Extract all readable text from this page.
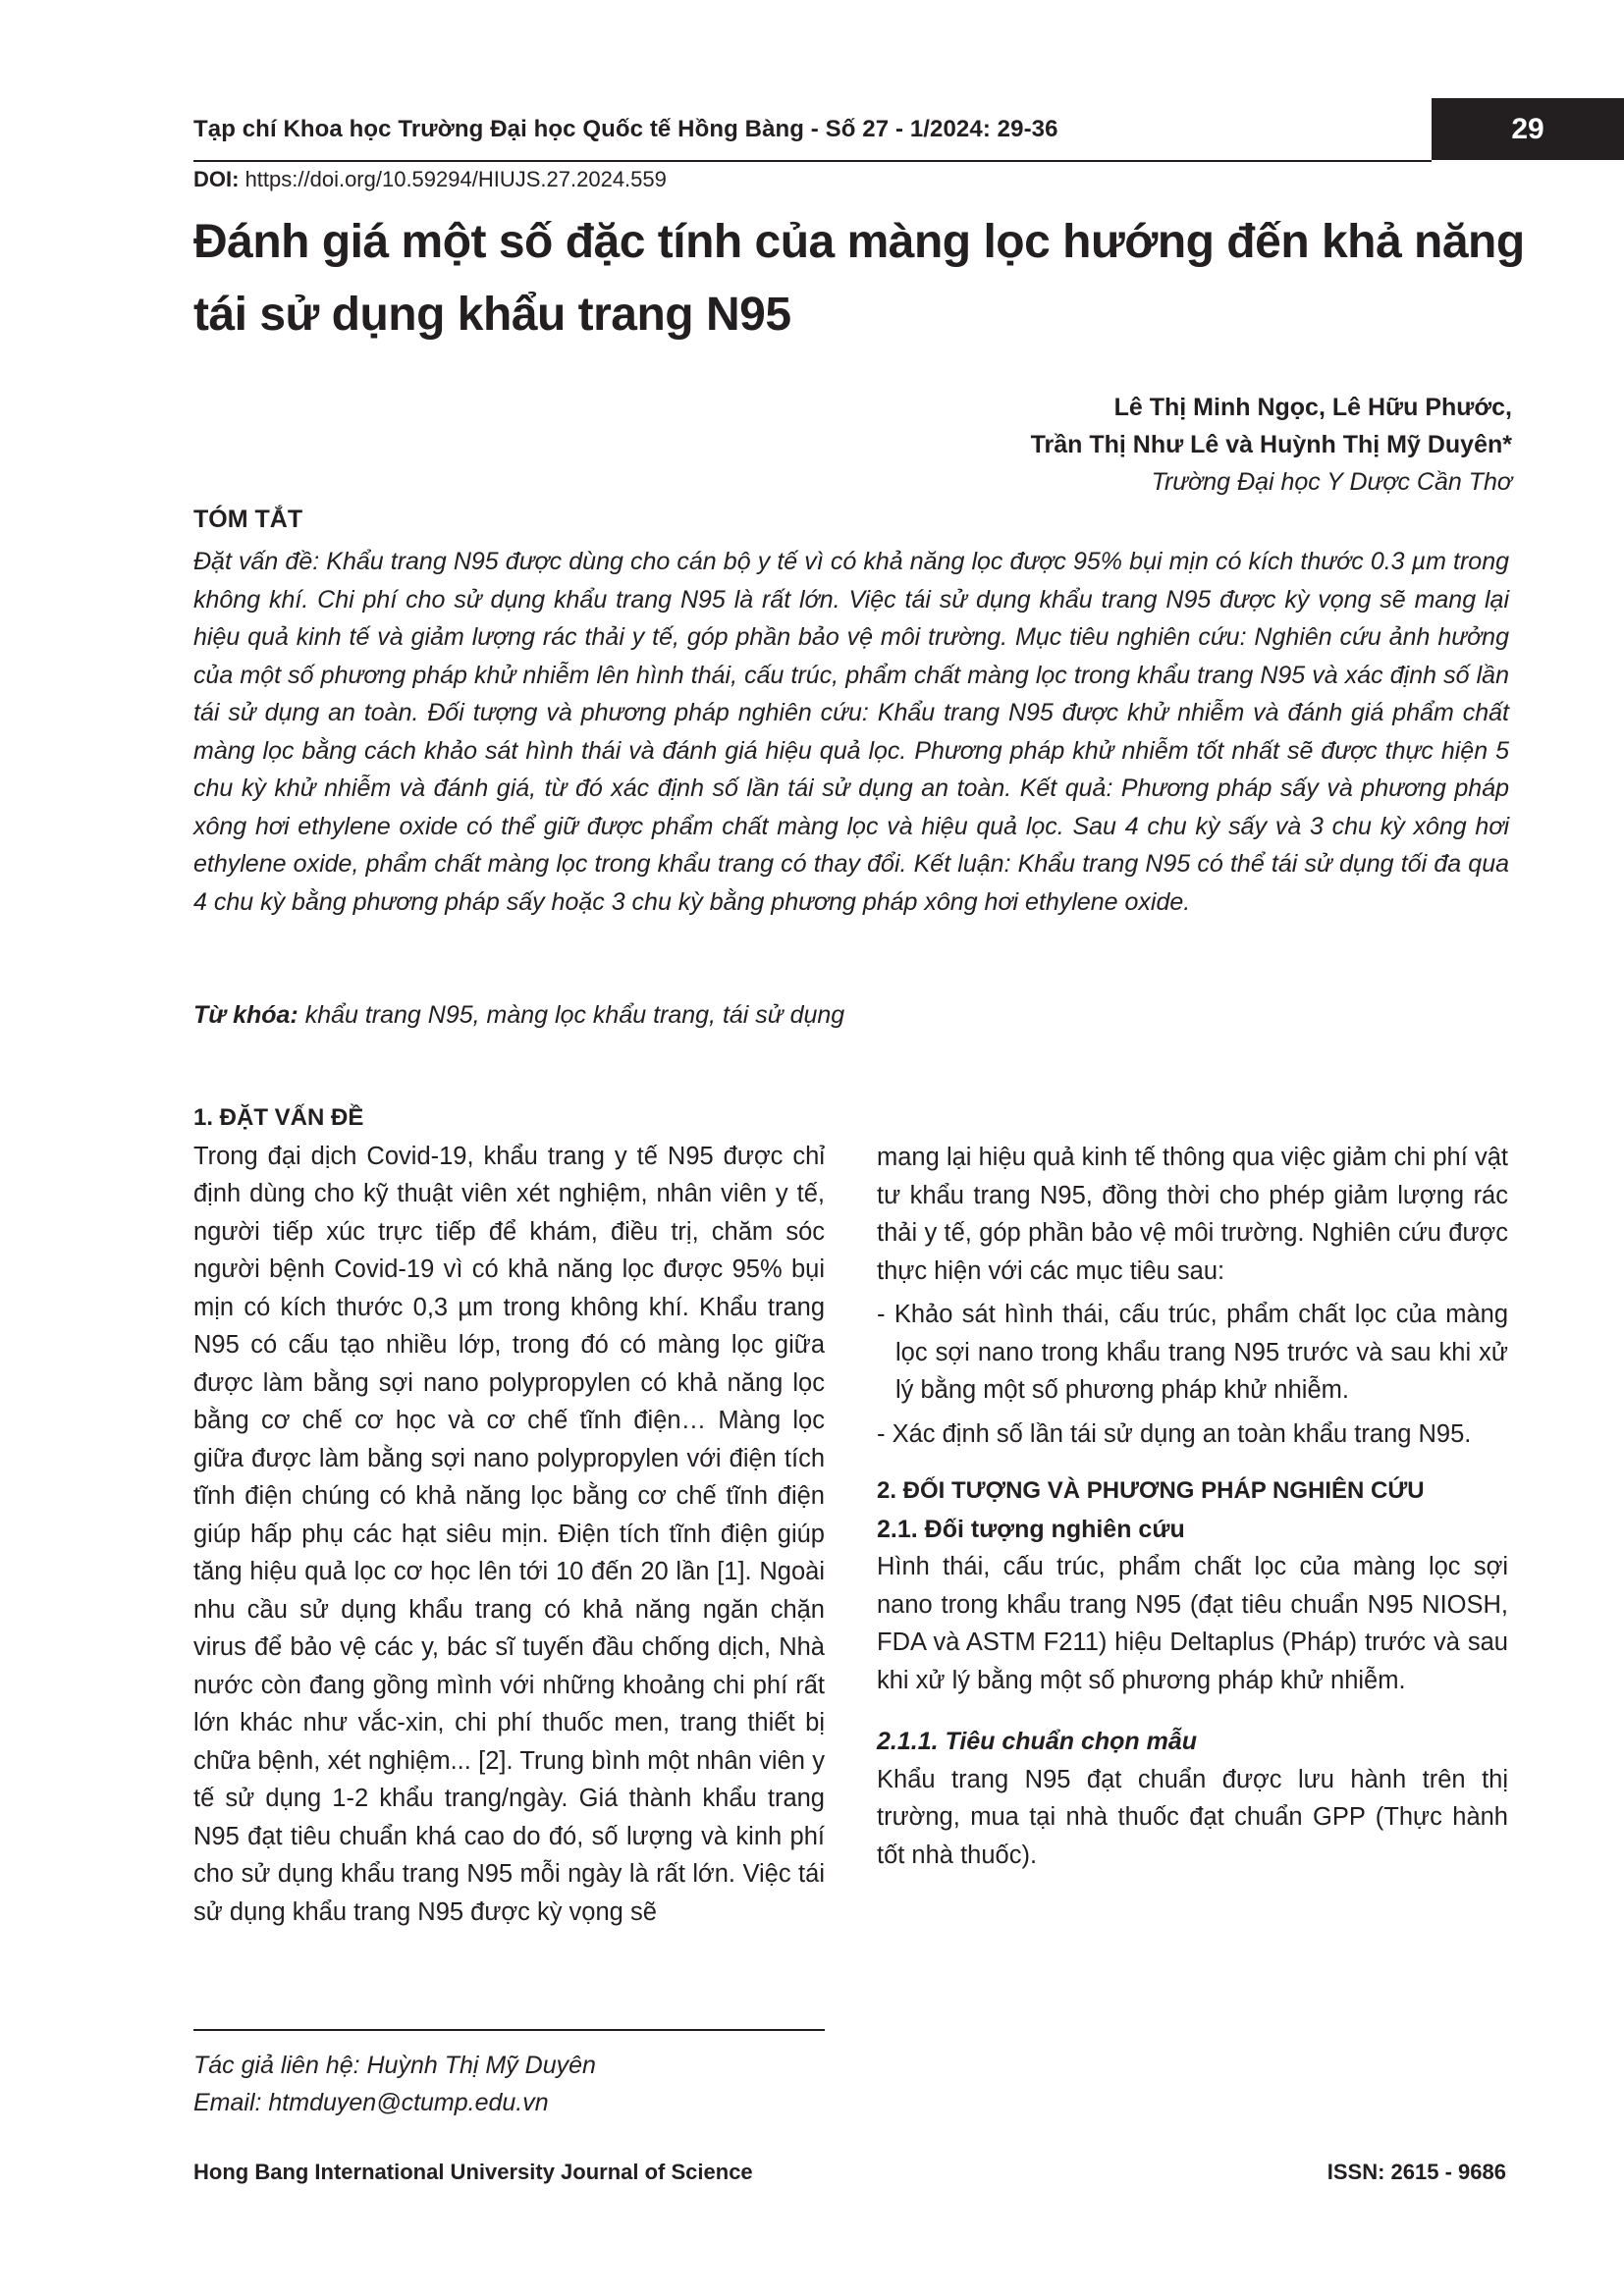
Tạp chí Khoa học Trường Đại học Quốc tế Hồng Bàng - Số 27 - 1/2024: 29-36	29
DOI: https://doi.org/10.59294/HIUJS.27.2024.559
Đánh giá một số đặc tính của màng lọc hướng đến khả năng tái sử dụng khẩu trang N95
Lê Thị Minh Ngọc, Lê Hữu Phước,
Trần Thị Như Lê và Huỳnh Thị Mỹ Duyên*
Trường Đại học Y Dược Cần Thơ
TÓM TẮT
Đặt vấn đề: Khẩu trang N95 được dùng cho cán bộ y tế vì có khả năng lọc được 95% bụi mịn có kích thước 0.3 µm trong không khí. Chi phí cho sử dụng khẩu trang N95 là rất lớn. Việc tái sử dụng khẩu trang N95 được kỳ vọng sẽ mang lại hiệu quả kinh tế và giảm lượng rác thải y tế, góp phần bảo vệ môi trường. Mục tiêu nghiên cứu: Nghiên cứu ảnh hưởng của một số phương pháp khử nhiễm lên hình thái, cấu trúc, phẩm chất màng lọc trong khẩu trang N95 và xác định số lần tái sử dụng an toàn. Đối tượng và phương pháp nghiên cứu: Khẩu trang N95 được khử nhiễm và đánh giá phẩm chất màng lọc bằng cách khảo sát hình thái và đánh giá hiệu quả lọc. Phương pháp khử nhiễm tốt nhất sẽ được thực hiện 5 chu kỳ khử nhiễm và đánh giá, từ đó xác định số lần tái sử dụng an toàn. Kết quả: Phương pháp sấy và phương pháp xông hơi ethylene oxide có thể giữ được phẩm chất màng lọc và hiệu quả lọc. Sau 4 chu kỳ sấy và 3 chu kỳ xông hơi ethylene oxide, phẩm chất màng lọc trong khẩu trang có thay đổi. Kết luận: Khẩu trang N95 có thể tái sử dụng tối đa qua 4 chu kỳ bằng phương pháp sấy hoặc 3 chu kỳ bằng phương pháp xông hơi ethylene oxide.
Từ khóa: khẩu trang N95, màng lọc khẩu trang, tái sử dụng

1. ĐẶT VẤN ĐỀ

Trong đại dịch Covid-19, khẩu trang y tế N95 được chỉ định dùng cho kỹ thuật viên xét nghiệm, nhân viên y tế, người tiếp xúc trực tiếp để khám, điều trị, chăm sóc người bệnh Covid-19 vì có khả năng lọc được 95% bụi mịn có kích thước 0,3 µm trong không khí. Khẩu trang N95 có cấu tạo nhiều lớp, trong đó có màng lọc giữa được làm bằng sợi nano polypropylen có khả năng lọc bằng cơ chế cơ học và cơ chế tĩnh điện… Màng lọc giữa được làm bằng sợi nano polypropylen với điện tích tĩnh điện chúng có khả năng lọc bằng cơ chế tĩnh điện giúp hấp phụ các hạt siêu mịn. Điện tích tĩnh điện giúp tăng hiệu quả lọc cơ học lên tới 10 đến 20 lần [1]. Ngoài nhu cầu sử dụng khẩu trang có khả năng ngăn chặn virus để bảo vệ các y, bác sĩ tuyến đầu chống dịch, Nhà nước còn đang gồng mình với những khoảng chi phí rất lớn khác như vắc-xin, chi phí thuốc men, trang thiết bị chữa bệnh, xét nghiệm... [2]. Trung bình một nhân viên y tế sử dụng 1-2 khẩu trang/ngày. Giá thành khẩu trang N95 đạt tiêu chuẩn khá cao do đó, số lượng và kinh phí cho sử dụng khẩu trang N95 mỗi ngày là rất lớn. Việc tái sử dụng khẩu trang N95 được kỳ vọng sẽ

mang lại hiệu quả kinh tế thông qua việc giảm chi phí vật tư khẩu trang N95, đồng thời cho phép giảm lượng rác thải y tế, góp phần bảo vệ môi trường. Nghiên cứu được thực hiện với các mục tiêu sau:

- Khảo sát hình thái, cấu trúc, phẩm chất lọc của màng lọc sợi nano trong khẩu trang N95 trước và sau khi xử lý bằng một số phương pháp khử nhiễm.

- Xác định số lần tái sử dụng an toàn khẩu trang N95.

2. ĐỐI TƯỢNG VÀ PHƯƠNG PHÁP NGHIÊN CỨU

2.1. Đối tượng nghiên cứu

Hình thái, cấu trúc, phẩm chất lọc của màng lọc sợi nano trong khẩu trang N95 (đạt tiêu chuẩn N95 NIOSH, FDA và ASTM F211) hiệu Deltaplus (Pháp) trước và sau khi xử lý bằng một số phương pháp khử nhiễm.

2.1.1. Tiêu chuẩn chọn mẫu

Khẩu trang N95 đạt chuẩn được lưu hành trên thị trường, mua tại nhà thuốc đạt chuẩn GPP (Thực hành tốt nhà thuốc).

Tác giả liên hệ: Huỳnh Thị Mỹ Duyên
Email: htmduyen@ctump.edu.vn
Hong Bang International University Journal of Science	ISSN: 2615 - 9686
